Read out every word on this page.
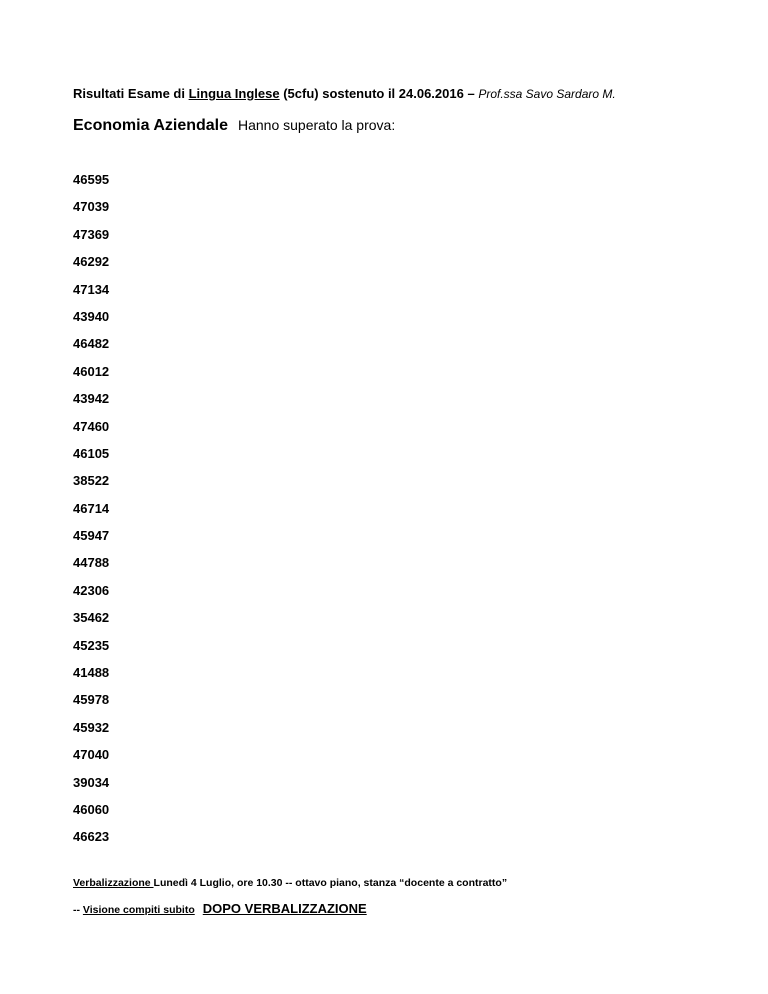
Risultati Esame di Lingua Inglese (5cfu) sostenuto il 24.06.2016 – Prof.ssa Savo Sardaro M.
Economia Aziendale Hanno superato la prova:
46595
47039
47369
46292
47134
43940
46482
46012
43942
47460
46105
38522
46714
45947
44788
42306
35462
45235
41488
45978
45932
47040
39034
46060
46623
Verbalizzazione Lunedì 4 Luglio, ore 10.30 -- ottavo piano, stanza “docente a contratto”
-- Visione compiti subito DOPO VERBALIZZAZIONE
